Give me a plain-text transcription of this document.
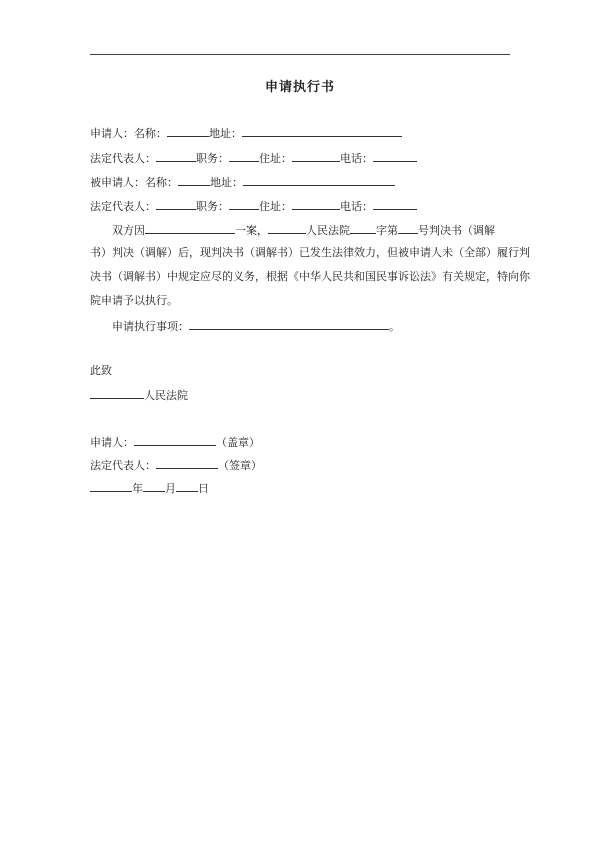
申请执行书
申请人：名称：	地址：
法定代表人：	职务：	住址：	电话：
被申请人：名称：	地址：
法定代表人：	职务：	住址：	电话：
双方因	一案，	人民法院 字第 号判决书（调解
书）判决（调解）后，现判决书（调解书）已发生法律效力，但被申请人未（全部）履行判
决书（调解书）中规定应尽的义务，根据《中华人民共和国民事诉讼法》有关规定，特向你
院申请予以执行。
申请执行事项：	。
此致
人民法院
申请人：	（盖章）
法定代表人：	（签章）
年 月 日
